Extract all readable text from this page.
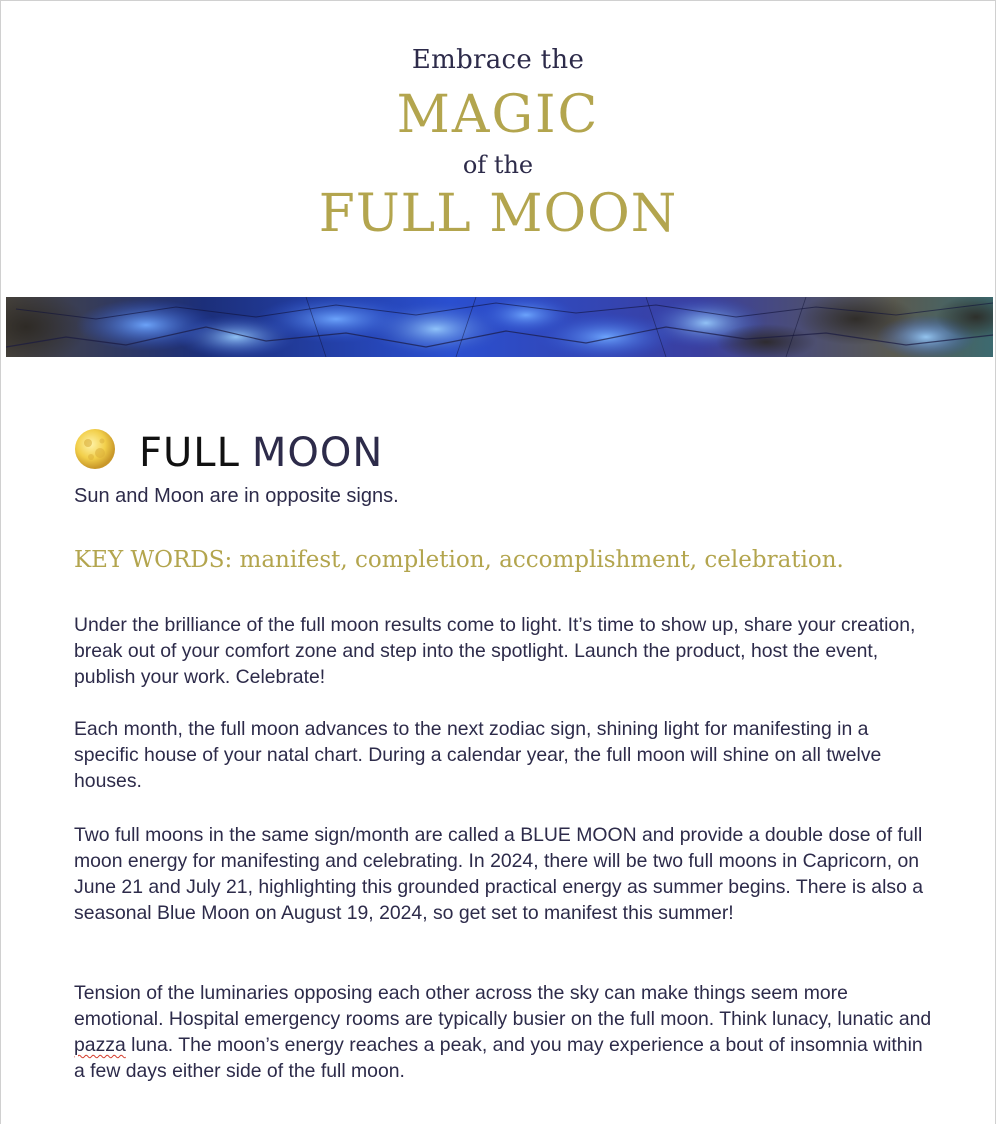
Embrace the
MAGIC
of the
FULL MOON
FULL MOON
Sun and Moon are in opposite signs.
KEY WORDS: manifest, completion, accomplishment, celebration.

Under the brilliance of the full moon results come to light. It’s time to show up, share your creation, break out of your comfort zone and step into the spotlight. Launch the product, host the event, publish your work. Celebrate!

Each month, the full moon advances to the next zodiac sign, shining light for manifesting in a specific house of your natal chart. During a calendar year, the full moon will shine on all twelve houses.

Two full moons in the same sign/month are called a BLUE MOON and provide a double dose of full moon energy for manifesting and celebrating. In 2024, there will be two full moons in Capricorn, on June 21 and July 21, highlighting this grounded practical energy as summer begins. There is also a seasonal Blue Moon on August 19, 2024, so get set to manifest this summer!

Tension of the luminaries opposing each other across the sky can make things seem more emotional. Hospital emergency rooms are typically busier on the full moon. Think lunacy, lunatic and pazza luna. The moon’s energy reaches a peak, and you may experience a bout of insomnia within a few days either side of the full moon.
